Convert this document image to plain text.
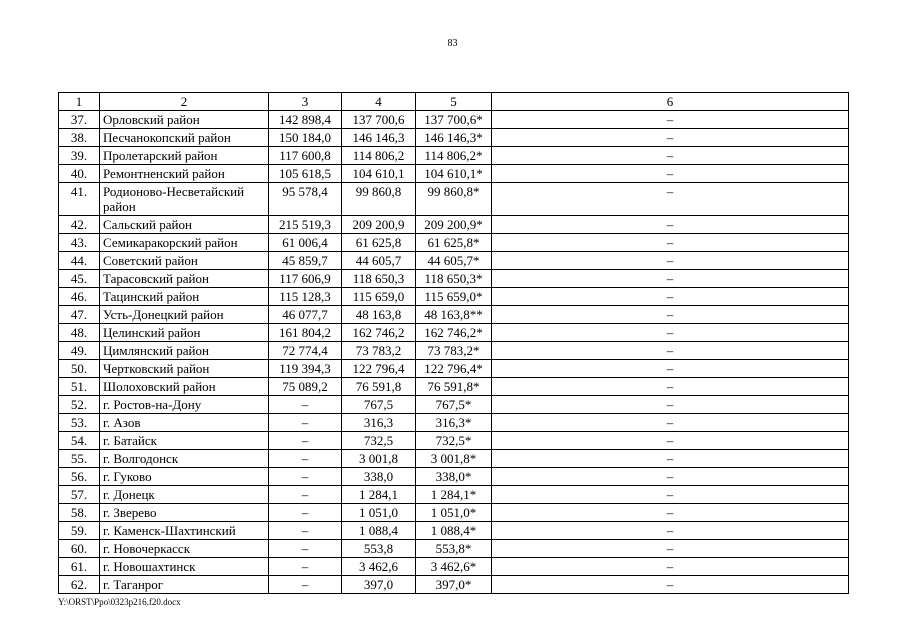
83
1	2	3	4	5	6
37.	Орловский район	142 898,4	137 700,6	137 700,6*	–
38.	Песчанокопский район	150 184,0	146 146,3	146 146,3*	–
39.	Пролетарский район	117 600,8	114 806,2	114 806,2*	–
40.	Ремонтненский район	105 618,5	104 610,1	104 610,1*	–
41.	Родионово-Несветайский район	95 578,4	99 860,8	99 860,8*	–
42.	Сальский район	215 519,3	209 200,9	209 200,9*	–
43.	Семикаракорский район	61 006,4	61 625,8	61 625,8*	–
44.	Советский район	45 859,7	44 605,7	44 605,7*	–
45.	Тарасовский район	117 606,9	118 650,3	118 650,3*	–
46.	Тацинский район	115 128,3	115 659,0	115 659,0*	–
47.	Усть-Донецкий район	46 077,7	48 163,8	48 163,8**	–
48.	Целинский район	161 804,2	162 746,2	162 746,2*	–
49.	Цимлянский район	72 774,4	73 783,2	73 783,2*	–
50.	Чертковский район	119 394,3	122 796,4	122 796,4*	–
51.	Шолоховский район	75 089,2	76 591,8	76 591,8*	–
52.	г. Ростов-на-Дону	–	767,5	767,5*	–
53.	г. Азов	–	316,3	316,3*	–
54.	г. Батайск	–	732,5	732,5*	–
55.	г. Волгодонск	–	3 001,8	3 001,8*	–
56.	г. Гуково	–	338,0	338,0*	–
57.	г. Донецк	–	1 284,1	1 284,1*	–
58.	г. Зверево	–	1 051,0	1 051,0*	–
59.	г. Каменск-Шахтинский	–	1 088,4	1 088,4*	–
60.	г. Новочеркасск	–	553,8	553,8*	–
61.	г. Новошахтинск	–	3 462,6	3 462,6*	–
62.	г. Таганрог	–	397,0	397,0*	–
Y:\ORST\Ppo\0323p216.f20.docx
